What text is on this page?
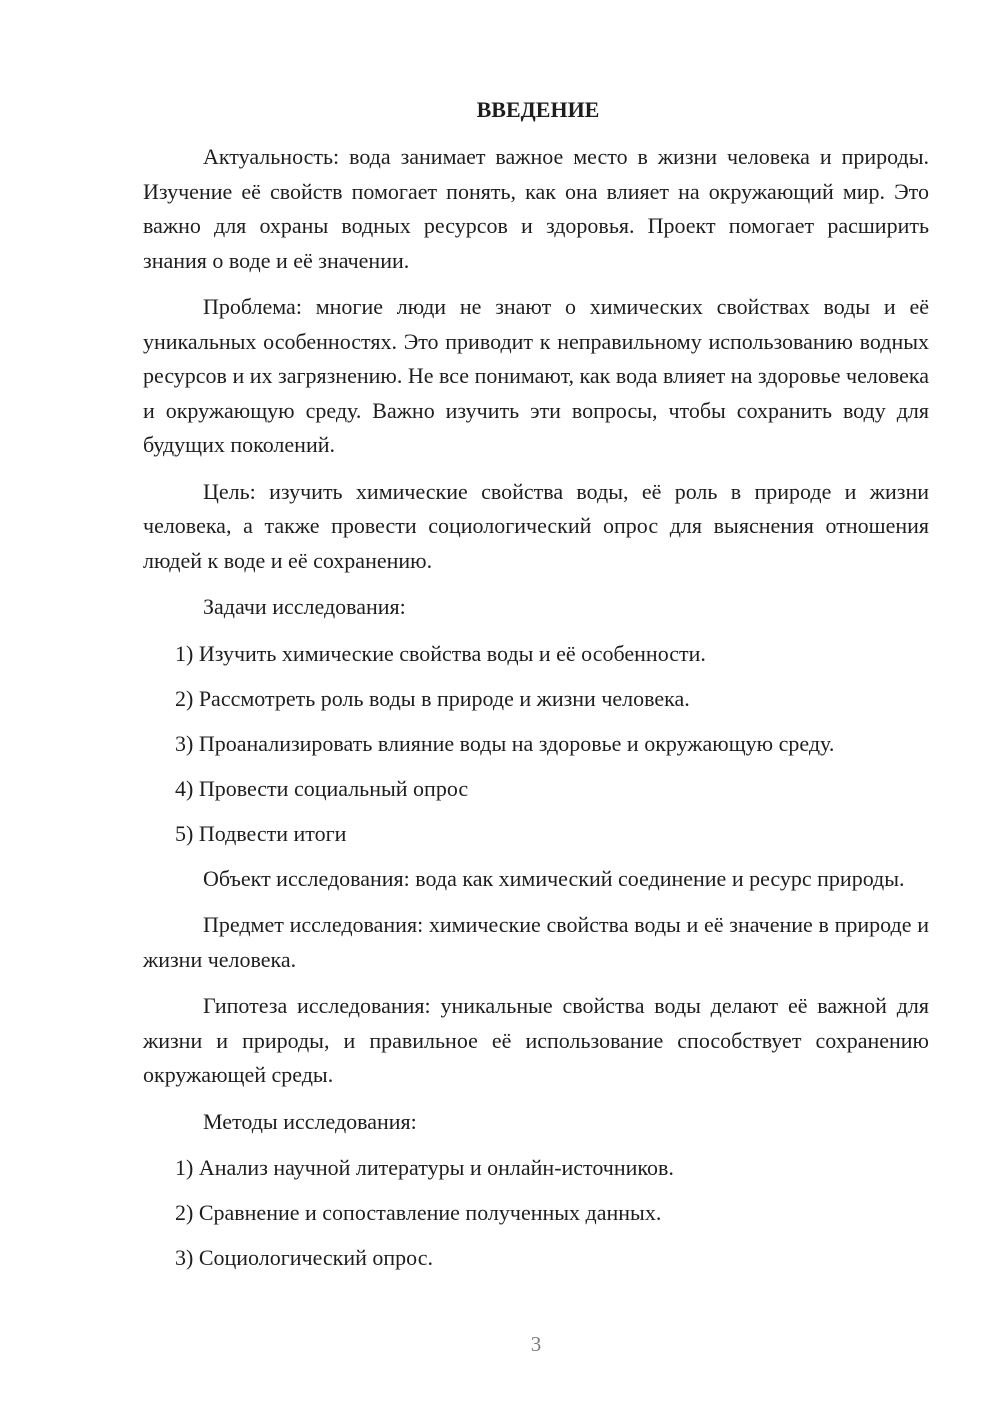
ВВЕДЕНИЕ

Актуальность: вода занимает важное место в жизни человека и природы. Изучение её свойств помогает понять, как она влияет на окружающий мир. Это важно для охраны водных ресурсов и здоровья. Проект помогает расширить знания о воде и её значении.

Проблема: многие люди не знают о химических свойствах воды и её уникальных особенностях. Это приводит к неправильному использованию водных ресурсов и их загрязнению. Не все понимают, как вода влияет на здоровье человека и окружающую среду. Важно изучить эти вопросы, чтобы сохранить воду для будущих поколений.

Цель: изучить химические свойства воды, её роль в природе и жизни человека, а также провести социологический опрос для выяснения отношения людей к воде и её сохранению.

Задачи исследования:

1) Изучить химические свойства воды и её особенности.
2) Рассмотреть роль воды в природе и жизни человека.
3) Проанализировать влияние воды на здоровье и окружающую среду.
4) Провести социальный опрос
5) Подвести итоги

Объект исследования: вода как химический соединение и ресурс природы.

Предмет исследования: химические свойства воды и её значение в природе и жизни человека.

Гипотеза исследования: уникальные свойства воды делают её важной для жизни и природы, и правильное её использование способствует сохранению окружающей среды.

Методы исследования:

1) Анализ научной литературы и онлайн-источников.
2) Сравнение и сопоставление полученных данных.
3) Социологический опрос.
3
